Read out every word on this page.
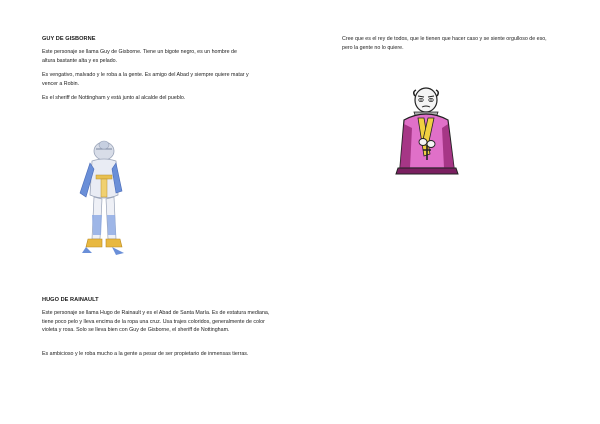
GUY DE GISBORNE

Este personaje se llama Guy de Gisborne. Tiene un bigote negro, es un hombre de altura bastante alta y es pelado.

Es vengativo, malvado y le roba a la gente. Es amigo del Abad y siempre quiere matar y vencer a Robin.

Es el sheriff de Nottingham y está junto al alcalde del pueblo.

HUGO DE RAINAULT

Este personaje se llama Hugo de Rainault y es el Abad de Santa María. Es de estatura mediana, tiene poco pelo y lleva encima de la ropa una cruz. Usa trajes coloridos, generalmente de color violeta y rosa. Solo se lleva bien con Guy de Gisborne, el sheriff de Nottingham.

Es ambicioso y le roba mucho a la gente a pesar de ser propietario de inmensas tierras.

Cree que es el rey de todos, que le tienen que hacer caso y se siente orgulloso de eso, pero la gente no lo quiere.
